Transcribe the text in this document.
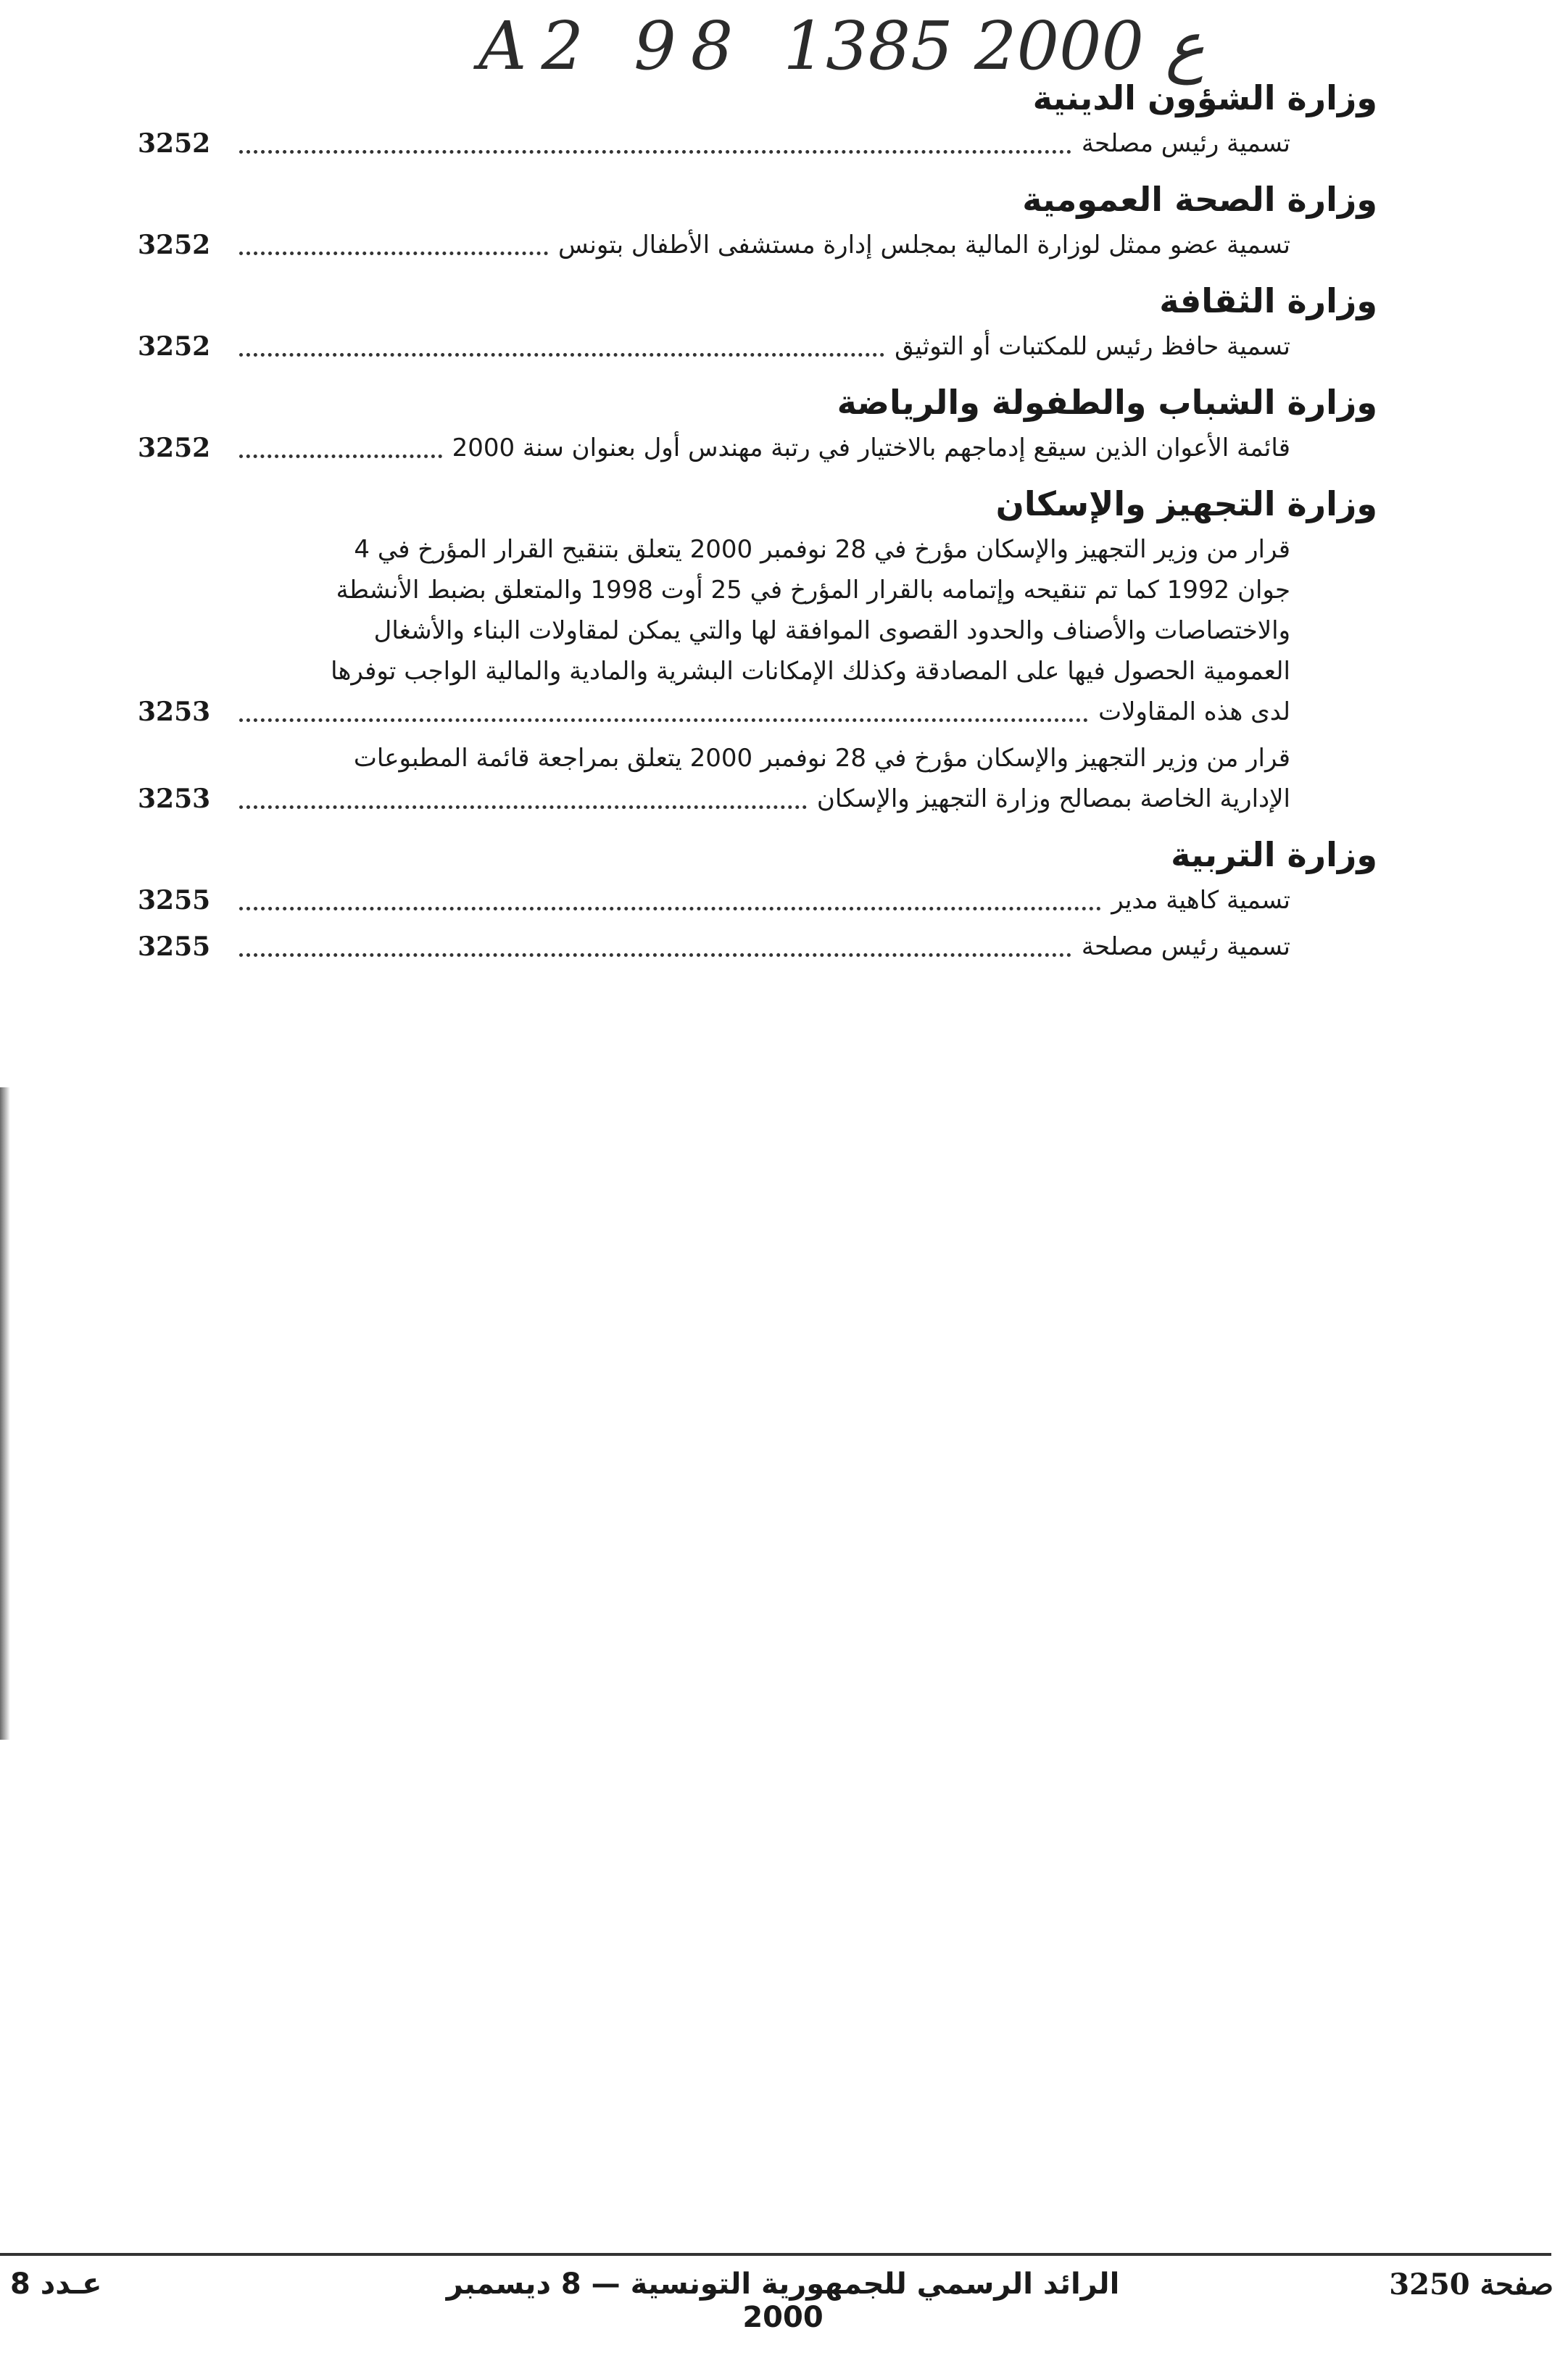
A2 98 ع 2000 1385
وزارة الشؤون الدينية
تسمية رئيس مصلحة
3252
وزارة الصحة العمومية
تسمية عضو ممثل لوزارة المالية بمجلس إدارة مستشفى الأطفال بتونس
3252
وزارة الثقافة
تسمية حافظ رئيس للمكتبات أو التوثيق
3252
وزارة الشباب والطفولة والرياضة
قائمة الأعوان الذين سيقع إدماجهم بالاختيار في رتبة مهندس أول بعنوان سنة 2000
3252
وزارة التجهيز والإسكان
قرار من وزير التجهيز والإسكان مؤرخ في 28 نوفمبر 2000 يتعلق بتنقيح القرار المؤرخ في 4
جوان 1992 كما تم تنقيحه وإتمامه بالقرار المؤرخ في 25 أوت 1998 والمتعلق بضبط الأنشطة
والاختصاصات والأصناف والحدود القصوى الموافقة لها والتي يمكن لمقاولات البناء والأشغال
العمومية الحصول فيها على المصادقة وكذلك الإمكانات البشرية والمادية والمالية الواجب توفرها
لدى هذه المقاولات
3253
قرار من وزير التجهيز والإسكان مؤرخ في 28 نوفمبر 2000 يتعلق بمراجعة قائمة المطبوعات
الإدارية الخاصة بمصالح وزارة التجهيز والإسكان
3253
وزارة التربية
تسمية كاهية مدير
3255
تسمية رئيس مصلحة
3255
صفحة 3250
الرائد الرسمي للجمهورية التونسية — 8 ديسمبر 2000
عـدد 8
